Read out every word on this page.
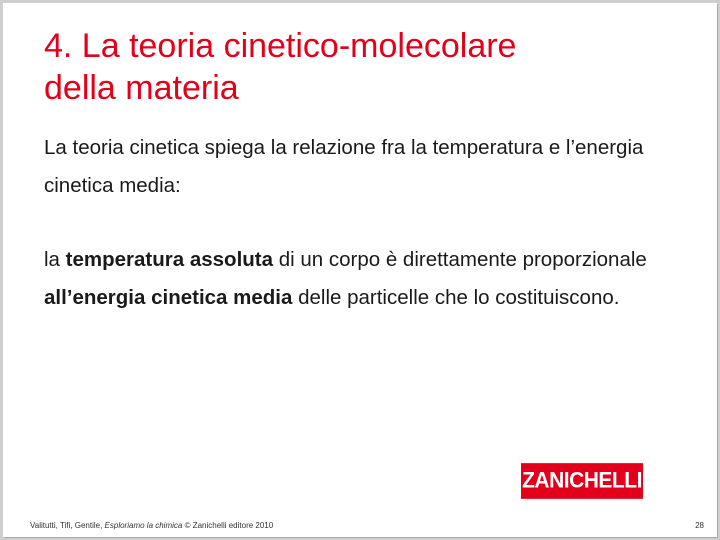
4. La teoria cinetico-molecolare
della materia

La teoria cinetica spiega la relazione fra la temperatura e l’energia cinetica media:

la temperatura assoluta di un corpo è direttamente proporzionale all’energia cinetica media delle particelle che lo costituiscono.

ZANICHELLI
Valitutti, Tifi, Gentile, Esploriamo la chimica © Zanichelli editore 2010	28
